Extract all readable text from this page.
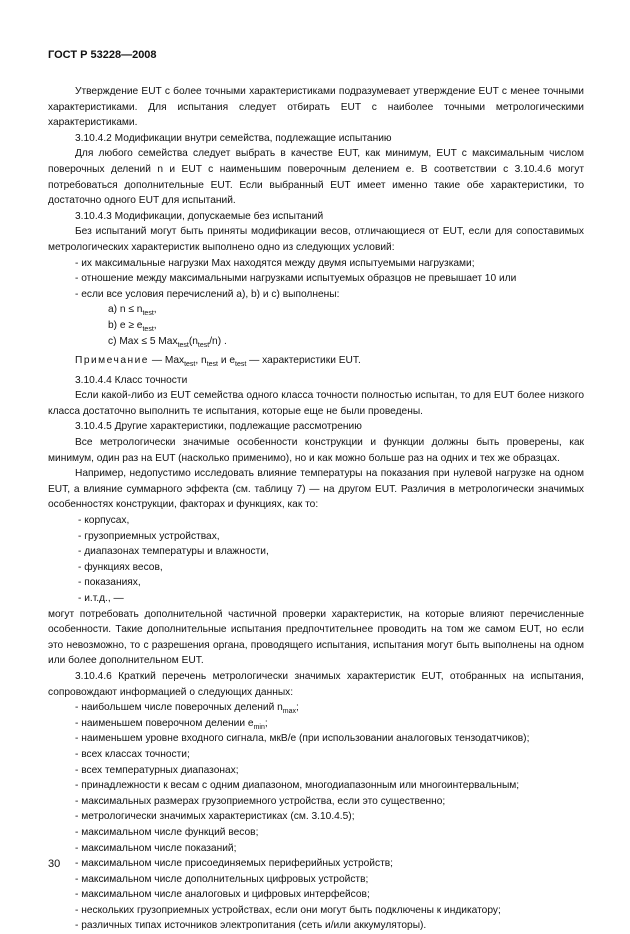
ГОСТ Р 53228—2008

Утверждение EUT с более точными характеристиками подразумевает утверждение EUT с менее точными характеристиками. Для испытания следует отбирать EUT с наиболее точными метрологическими характеристиками.

3.10.4.2 Модификации внутри семейства, подлежащие испытанию

Для любого семейства следует выбрать в качестве EUT, как минимум, EUT с максимальным числом поверочных делений n и EUT с наименьшим поверочным делением e. В соответствии с 3.10.4.6 могут потребоваться дополнительные EUT. Если выбранный EUT имеет именно такие обе характеристики, то достаточно одного EUT для испытаний.

3.10.4.3 Модификации, допускаемые без испытаний

Без испытаний могут быть приняты модификации весов, отличающиеся от EUT, если для сопоставимых метрологических характеристик выполнено одно из следующих условий:

- их максимальные нагрузки Max находятся между двумя испытуемыми нагрузками;
- отношение между максимальными нагрузками испытуемых образцов не превышает 10 или
- если все условия перечислений a), b) и c) выполнены:
a) $n \le n_{test}$,
b) $e \ge e_{test}$,
c) Max ≤ 5 $Max_{test}(n_{test}/n)$ .

Примечание — Max$_{test}$, $n_{test}$ и $e_{test}$ — характеристики EUT.

3.10.4.4 Класс точности

Если какой-либо из EUT семейства одного класса точности полностью испытан, то для EUT более низкого класса достаточно выполнить те испытания, которые еще не были проведены.

3.10.4.5 Другие характеристики, подлежащие рассмотрению

Все метрологически значимые особенности конструкции и функции должны быть проверены, как минимум, один раз на EUT (насколько применимо), но и как можно больше раз на одних и тех же образцах.

Например, недопустимо исследовать влияние температуры на показания при нулевой нагрузке на одном EUT, а влияние суммарного эффекта (см. таблицу 7) — на другом EUT. Различия в метрологически значимых особенностях конструкции, факторах и функциях, как то:

- корпусах,
- грузоприемных устройствах,
- диапазонах температуры и влажности,
- функциях весов,
- показаниях,
- и.т.д., —

могут потребовать дополнительной частичной проверки характеристик, на которые влияют перечисленные особенности. Такие дополнительные испытания предпочтительнее проводить на том же самом EUT, но если это невозможно, то с разрешения органа, проводящего испытания, испытания могут быть выполнены на одном или более дополнительном EUT.

3.10.4.6 Краткий перечень метрологически значимых характеристик EUT, отобранных на испытания, сопровождают информацией о следующих данных:

- наибольшем числе поверочных делений $n_{max}$;
- наименьшем поверочном делении $e_{min}$;
- наименьшем уровне входного сигнала, мкВ/e (при использовании аналоговых тензодатчиков);
- всех классах точности;
- всех температурных диапазонах;
- принадлежности к весам с одним диапазоном, многодиапазонным или многоинтервальным;
- максимальных размерах грузоприемного устройства, если это существенно;
- метрологически значимых характеристиках (см. 3.10.4.5);
- максимальном числе функций весов;
- максимальном числе показаний;
- максимальном числе присоединяемых периферийных устройств;
- максимальном числе дополнительных цифровых устройств;
- максимальном числе аналоговых и цифровых интерфейсов;
- нескольких грузоприемных устройствах, если они могут быть подключены к индикатору;
- различных типах источников электропитания (сеть и/или аккумуляторы).
30
